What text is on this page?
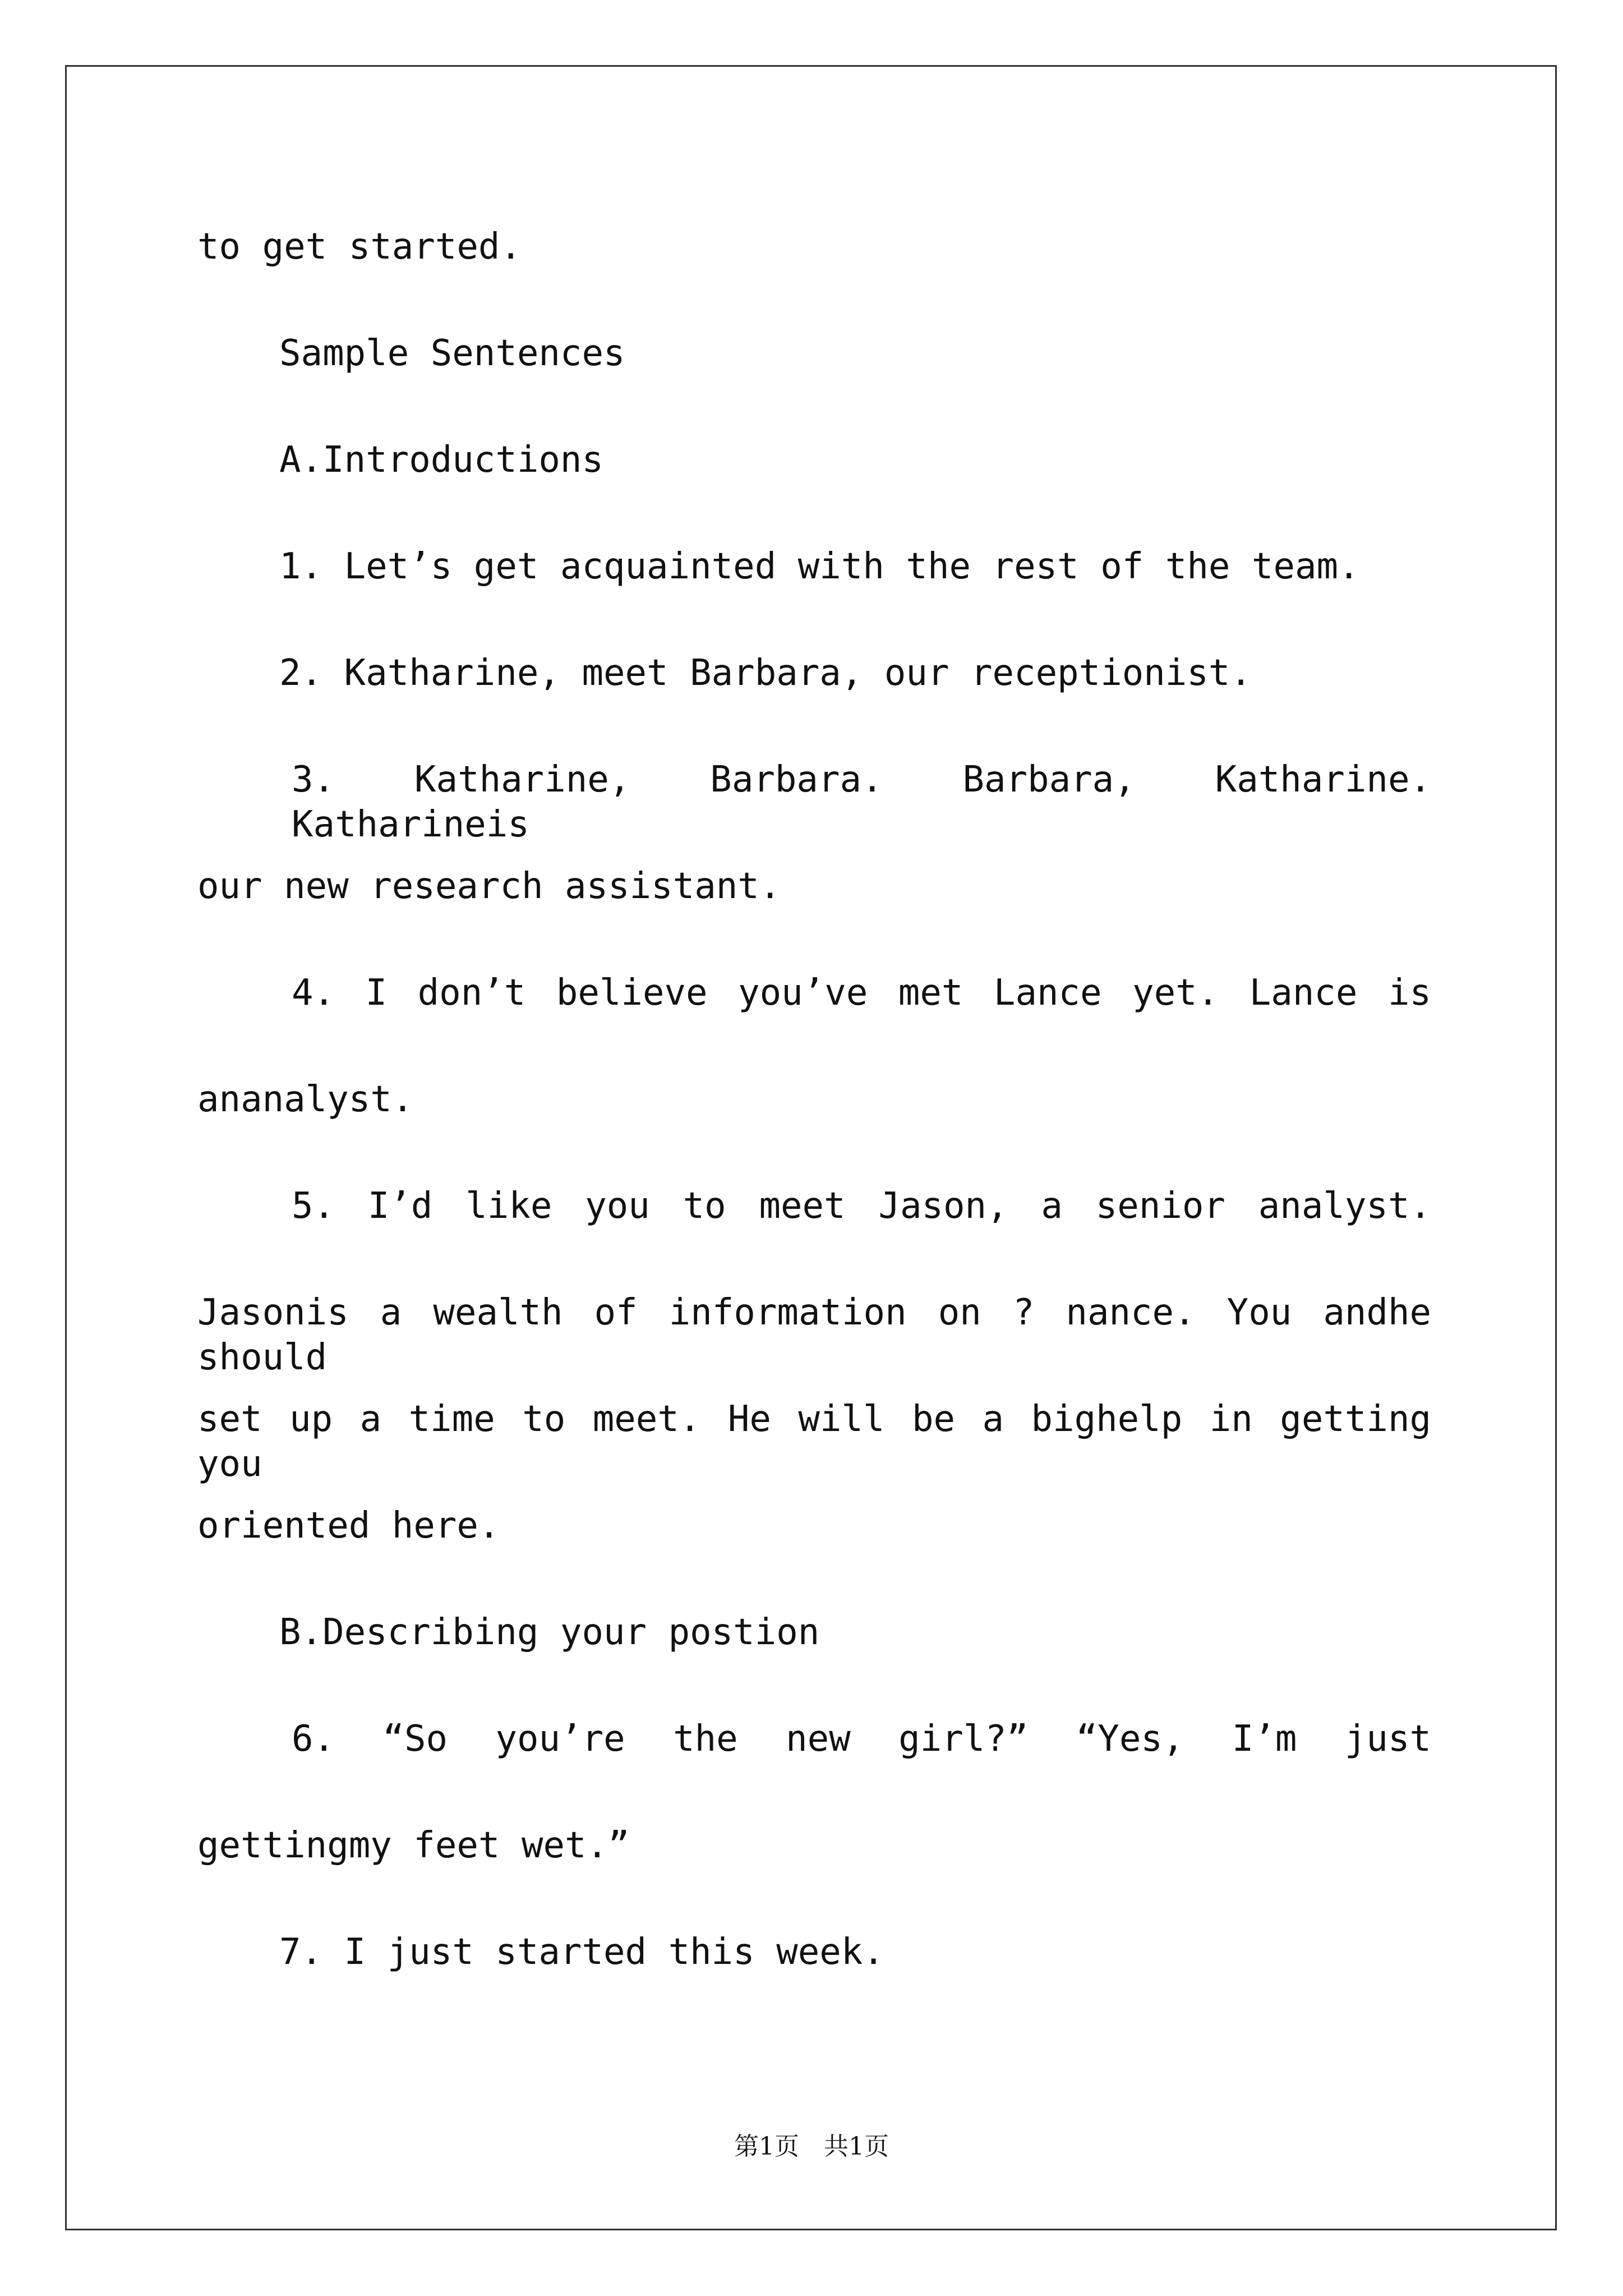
to get started.
Sample Sentences
A.Introductions
1. Let’s get acquainted with the rest of the team.
2. Katharine, meet Barbara, our receptionist.
3. Katharine, Barbara. Barbara, Katharine. Katharineis
our new research assistant.
4. I don’t believe you’ve met Lance yet. Lance is
ananalyst.
5. I’d like you to meet Jason, a senior analyst.
Jasonis a wealth of information on ? nance. You andhe should
set up a time to meet. He will be a bighelp in getting you
oriented here.
B.Describing your postion
6. “So you’re the new girl?” “Yes, I’m just
gettingmy feet wet.”
7. I just started this week.
第1页　共1页
